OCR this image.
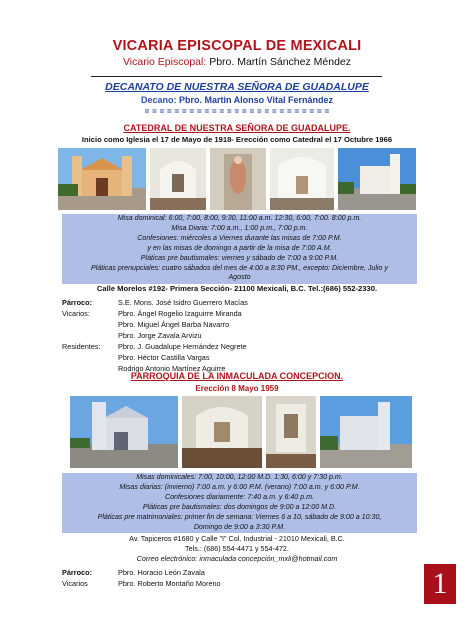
VICARIA EPISCOPAL DE MEXICALI
Vicario Episcopal: Pbro. Martín Sánchez Méndez
DECANATO DE NUESTRA SEÑORA DE GUADALUPE
Decano: Pbro. Martin Alonso Vital Fernández
= = = = = = = = = = = = = = = = = = = = = = = = =
CATEDRAL DE NUESTRA SEÑORA DE GUADALUPE.
Inicio como Iglesia el 17 de Mayo de 1918- Erección como Catedral el 17 Octubre 1966
Misa dominical: 6:00, 7:00, 8:00, 9:30, 11:00 a.m. 12:30, 6:00, 7:00. 8:00 p.m.
Misa Diaria: 7:00 a.m., 1:00 p.m., 7:00 p.m.
Confesiones: miércoles a Viernes durante las misas de 7:00 P.M.
y en las misas de domingo a partir de la misa de 7:00 A.M.
Pláticas pre bautismales: viernes y sábado de 7:00 a 9:00 P.M.
Pláticas prenupciales: cuatro sábados del mes de 4:00 a 8:30 PM., excepto: Diciembre, Julio y
Agosto
Calle Morelos #192- Primera Sección- 21100 Mexicali, B.C. Tel.:(686) 552-2330.
Párroco:	S.E. Mons. José Isidro Guerrero Macías
Vicarios:	Pbro. Ángel Rogelio Izaguirre Miranda
Pbro. Miguel Ángel Barba Navarro
Pbro. Jorge Zavala Arvizu
Residentes: Pbro. J. Guadalupe Hernández Negrete
Pbro. Héctor Castilla Vargas
Rodrigo Antonio Martínez Aguirre
PARROQUIA DE LA INMACULADA CONCEPCION.
Erección 8 Mayo 1959
Misas dominicales: 7:00, 10:00, 12:00 M.D. 1:30, 6:00 y 7:30 p.m.
Misas diarias: (invierno) 7:00 a.m. y 6:00 P.M. (verano) 7:00 a.m. y 6:00 P.M.
Confesiones diariamente: 7:40 a.m. y 6:40 p.m.
Pláticas pre bautismales: dos domingos de 9:00 a 12:00 M.D.
Pláticas pre matrimoniales: primer fin de semana: Viernes 6 a 10, sábado de 9:00 a 10:30,
Domingo de 9:00 a 3:30 P.M.
Av. Tapiceros #1680 y Calle "I" Col. Industrial - 21010 Mexicali, B.C.
Tels.: (686) 554-4471 y 554-472.
Correo electrónico: inmaculada concepción_mxli@hotmail.com
Párroco:	Pbro. Horacio León Zavala
Vicarios	Pbro. Roberto Montaño Moreno	1
